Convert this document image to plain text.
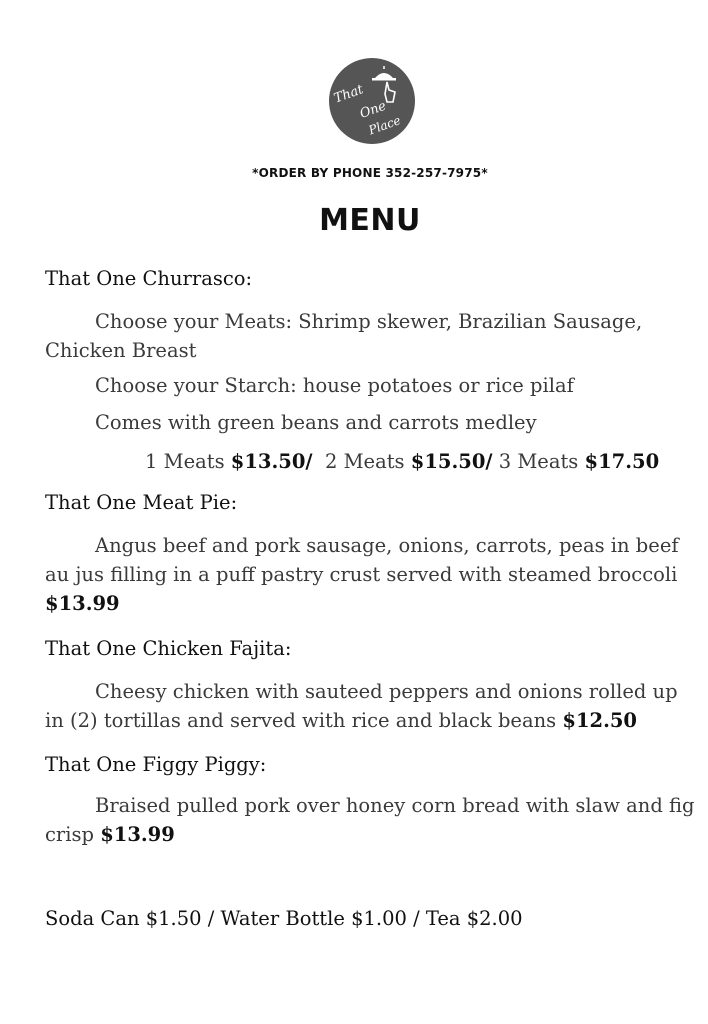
That
One
Place
*ORDER BY PHONE 352-257-7975*
MENU
That One Churrasco:
Choose your Meats: Shrimp skewer, Brazilian Sausage, Chicken Breast
Choose your Starch: house potatoes or rice pilaf
Comes with green beans and carrots medley
1 Meats $13.50/ 2 Meats $15.50/ 3 Meats $17.50
That One Meat Pie:
Angus beef and pork sausage, onions, carrots, peas in beef au jus filling in a puff pastry crust served with steamed broccoli $13.99
That One Chicken Fajita:
Cheesy chicken with sauteed peppers and onions rolled up in (2) tortillas and served with rice and black beans $12.50
That One Figgy Piggy:
Braised pulled pork over honey corn bread with slaw and fig crisp $13.99
Soda Can $1.50 / Water Bottle $1.00 / Tea $2.00
